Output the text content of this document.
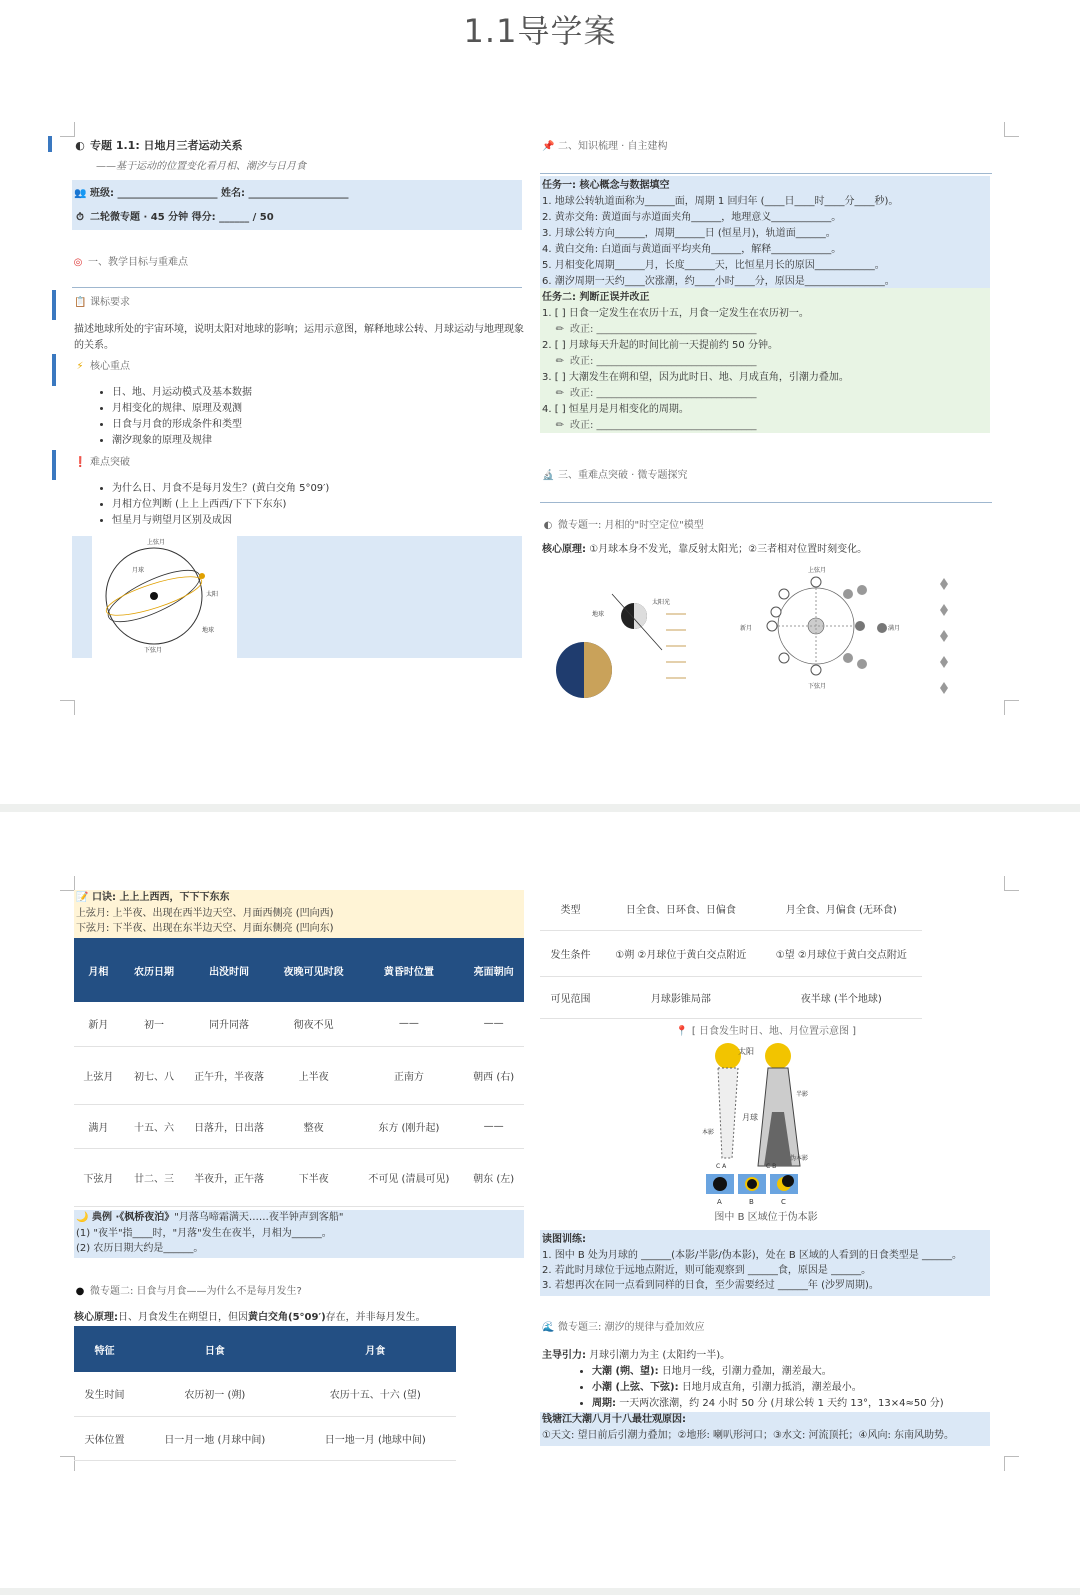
1.1导学案
◐ 专题 1.1: 日地月三者运动关系
——基于运动的位置变化看月相、潮汐与日月食
👥 班级: ____________________ 姓名: ____________________
⏱ 二轮微专题 · 45 分钟 得分: ______ / 50
◎ 一、教学目标与重难点
📋 课标要求
描述地球所处的宇宙环境，说明太阳对地球的影响；运用示意图，解释地球公转、月球运动与地理现象的关系。
⚡ 核心重点
• 日、地、月运动模式及基本数据
• 月相变化的规律、原理及观测
• 日食与月食的形成条件和类型
• 潮汐现象的原理及规律
❗ 难点突破
• 为什么日、月食不是每月发生？(黄白交角 5°09′)
• 月相方位判断 (上上上西西/下下下东东)
• 恒星月与朔望月区别及成因
上弦月
月球
太阳
地球
下弦月
📌 二、知识梳理 · 自主建构
任务一: 核心概念与数据填空
1. 地球公转轨道面称为______面，周期 1 回归年 (____日____时____分____秒)。
2. 黄赤交角: 黄道面与赤道面夹角______，地理意义____________。
3. 月球公转方向______，周期______日 (恒星月)，轨道面______。
4. 黄白交角: 白道面与黄道面平均夹角______，解释____________。
5. 月相变化周期______月，长度______天，比恒星月长的原因____________。
6. 潮汐周期一天约____次涨潮，约____小时____分，原因是________________。
任务二: 判断正误并改正
1. [ ] 日食一定发生在农历十五，月食一定发生在农历初一。
✏ 改正: ________________________________
2. [ ] 月球每天升起的时间比前一天提前约 50 分钟。
✏ 改正: ________________________________
3. [ ] 大潮发生在朔和望，因为此时日、地、月成直角，引潮力叠加。
✏ 改正: ________________________________
4. [ ] 恒星月是月相变化的周期。
✏ 改正: ________________________________
🔬 三、重难点突破 · 微专题探究
◐ 微专题一: 月相的"时空定位"模型
核心原理: ①月球本身不发光，靠反射太阳光；②三者相对位置时刻变化。
地球
太阳光
上弦月
下弦月
满月
新月
📝 口诀: 上上上西西，下下下东东
上弦月: 上半夜、出现在西半边天空、月面西侧亮 (凹向西)
下弦月: 下半夜、出现在东半边天空、月面东侧亮 (凹向东)
月相	农历日期	出没时间	夜晚可见时段	黄昏时位置	亮面朝向
新月	初一	同升同落	彻夜不见	——	——
上弦月	初七、八	正午升，半夜落	上半夜	正南方	朝西 (右)
满月	十五、六	日落升，日出落	整夜	东方 (刚升起)	——
下弦月	廿二、三	半夜升，正午落	下半夜	不可见 (清晨可见)	朝东 (左)
🌙 典例 ·《枫桥夜泊》"月落乌啼霜满天……夜半钟声到客船"
(1) "夜半"指____时，"月落"发生在夜半，月相为______。
(2) 农历日期大约是______。
● 微专题二: 日食与月食——为什么不是每月发生?
核心原理:日、月食发生在朔望日，但因黄白交角(5°09′)存在，并非每月发生。
特征	日食	月食
发生时间	农历初一 (朔)	农历十五、十六 (望)
天体位置	日一月一地 (月球中间)	日一地一月 (地球中间)
类型	日全食、日环食、日偏食	月全食、月偏食 (无环食)
发生条件	①朔 ②月球位于黄白交点附近	①望 ②月球位于黄白交点附近
可见范围	月球影锥局部	夜半球 (半个地球)
📍 [ 日食发生时日、地、月位置示意图 ]
太阳
月球
本影
半影
伪本影
C A	C B
A	B	C
图中 B 区域位于伪本影
读图训练:
1. 图中 B 处为月球的 ______(本影/半影/伪本影)，处在 B 区域的人看到的日食类型是 ______。
2. 若此时月球位于远地点附近，则可能观察到 ______食，原因是 ______。
3. 若想再次在同一点看到同样的日食，至少需要经过 ______年 (沙罗周期)。
🌊 微专题三: 潮汐的规律与叠加效应
主导引力: 月球引潮力为主 (太阳约一半)。
• 大潮 (朔、望): 日地月一线，引潮力叠加，潮差最大。
• 小潮 (上弦、下弦): 日地月成直角，引潮力抵消，潮差最小。
• 周期: 一天两次涨潮，约 24 小时 50 分 (月球公转 1 天约 13°，13×4≈50 分)
钱塘江大潮八月十八最壮观原因:
①天文: 望日前后引潮力叠加；②地形: 喇叭形河口；③水文: 河流顶托；④风向: 东南风助势。
